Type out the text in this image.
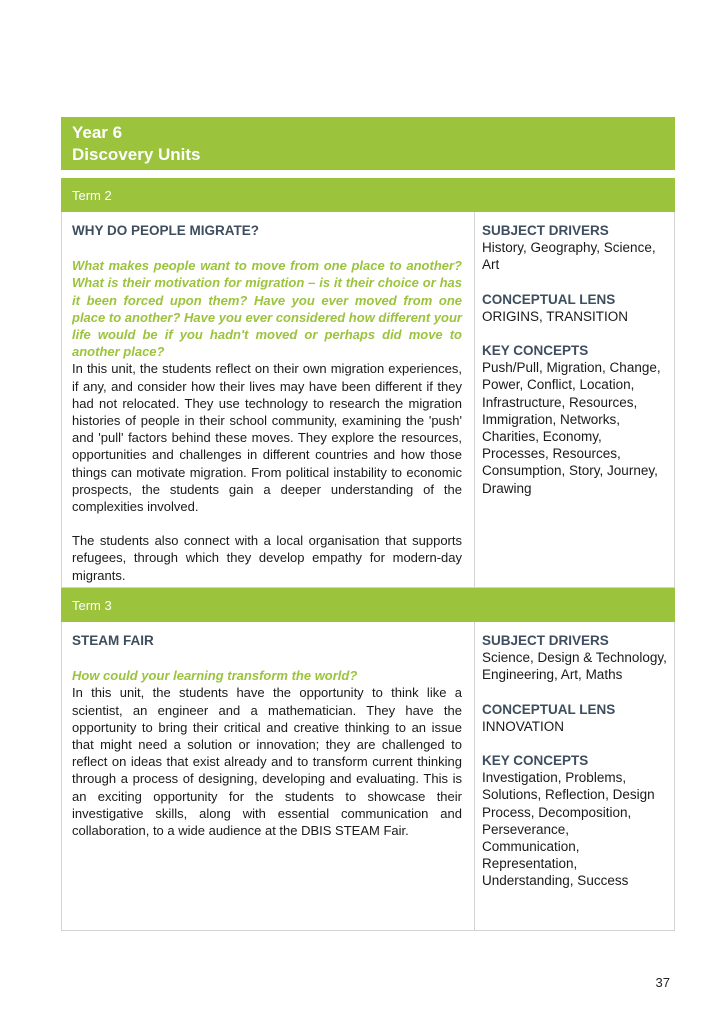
Year 6
Discovery Units
Term 2

WHY DO PEOPLE MIGRATE?

What makes people want to move from one place to another? What is their motivation for migration – is it their choice or has it been forced upon them? Have you ever moved from one place to another? Have you ever considered how different your life would be if you hadn't moved or perhaps did move to another place?

In this unit, the students reflect on their own migration experiences, if any, and consider how their lives may have been different if they had not relocated. They use technology to research the migration histories of people in their school community, examining the 'push' and 'pull' factors behind these moves. They explore the resources, opportunities and challenges in different countries and how those things can motivate migration. From political instability to economic prospects, the students gain a deeper understanding of the complexities involved.

The students also connect with a local organisation that supports refugees, through which they develop empathy for modern-day migrants.

SUBJECT DRIVERS

History, Geography, Science, Art

CONCEPTUAL LENS

ORIGINS, TRANSITION

KEY CONCEPTS

Push/Pull, Migration, Change, Power, Conflict, Location, Infrastructure, Resources, Immigration, Networks, Charities, Economy, Processes, Resources, Consumption, Story, Journey, Drawing

Term 3

STEAM FAIR

How could your learning transform the world?

In this unit, the students have the opportunity to think like a scientist, an engineer and a mathematician. They have the opportunity to bring their critical and creative thinking to an issue that might need a solution or innovation; they are challenged to reflect on ideas that exist already and to transform current thinking through a process of designing, developing and evaluating. This is an exciting opportunity for the students to showcase their investigative skills, along with essential communication and collaboration, to a wide audience at the DBIS STEAM Fair.

SUBJECT DRIVERS

Science, Design & Technology, Engineering, Art, Maths

CONCEPTUAL LENS

INNOVATION

KEY CONCEPTS

Investigation, Problems, Solutions, Reflection, Design Process, Decomposition, Perseverance, Communication, Representation, Understanding, Success

37
